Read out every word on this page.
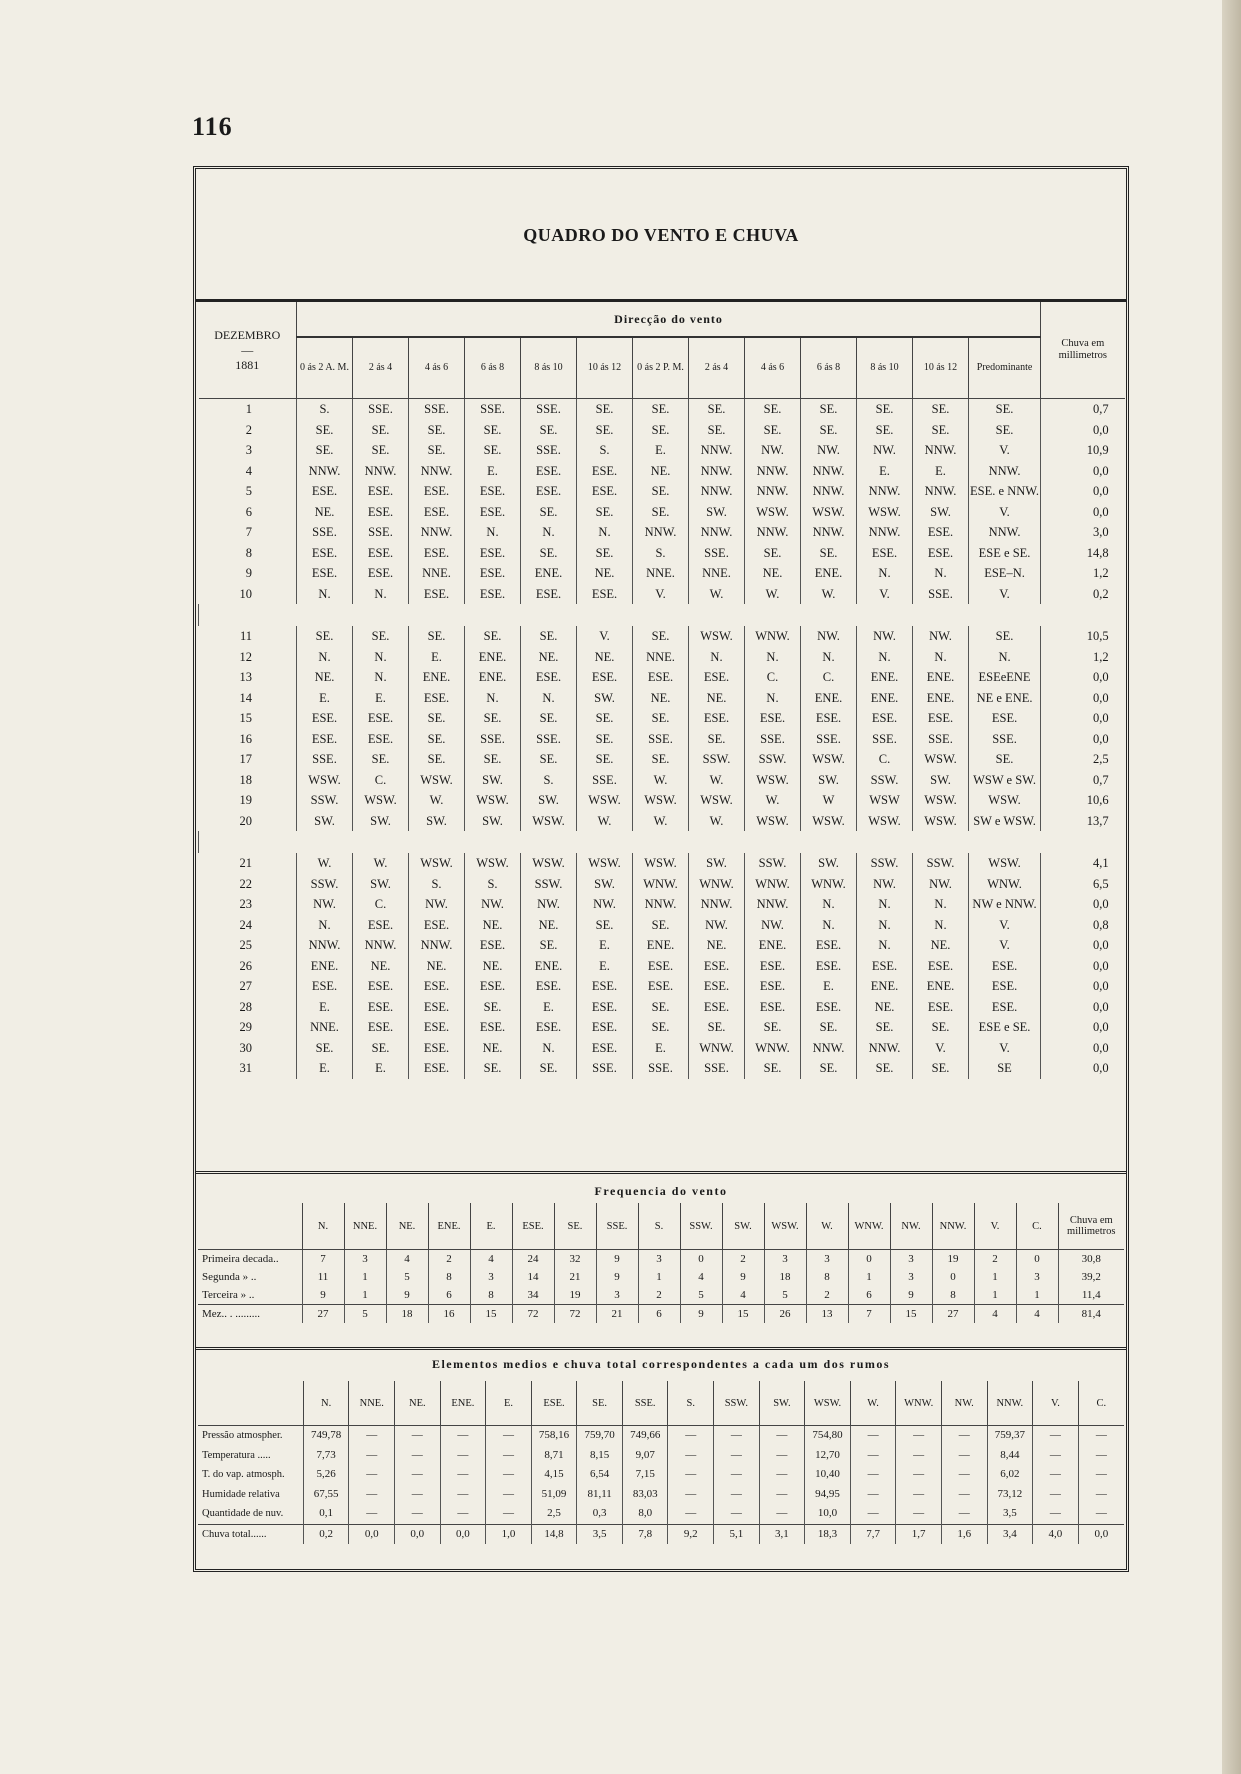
116
QUADRO DO VENTO E CHUVA
DEZEMBRO
—
1881	Direcção do vento													Chuva em millimetros
	0 ás 2 A. M.	2 ás 4	4 ás 6	6 ás 8	8 ás 10	10 ás 12	0 ás 2 P. M.	2 ás 4	4 ás 6	6 ás 8	8 ás 10	10 ás 12	Predominante	
1	S.	SSE.	SSE.	SSE.	SSE.	SE.	SE.	SE.	SE.	SE.	SE.	SE.	SE.	0,7
2	SE.	SE.	SE.	SE.	SE.	SE.	SE.	SE.	SE.	SE.	SE.	SE.	SE.	0,0
3	SE.	SE.	SE.	SE.	SSE.	S.	E.	NNW.	NW.	NW.	NW.	NNW.	V.	10,9
4	NNW.	NNW.	NNW.	E.	ESE.	ESE.	NE.	NNW.	NNW.	NNW.	E.	E.	NNW.	0,0
5	ESE.	ESE.	ESE.	ESE.	ESE.	ESE.	SE.	NNW.	NNW.	NNW.	NNW.	NNW.	ESE. e NNW.	0,0
6	NE.	ESE.	ESE.	ESE.	SE.	SE.	SE.	SW.	WSW.	WSW.	WSW.	SW.	V.	0,0
7	SSE.	SSE.	NNW.	N.	N.	N.	NNW.	NNW.	NNW.	NNW.	NNW.	ESE.	NNW.	3,0
8	ESE.	ESE.	ESE.	ESE.	SE.	SE.	S.	SSE.	SE.	SE.	ESE.	ESE.	ESE e SE.	14,8
9	ESE.	ESE.	NNE.	ESE.	ENE.	NE.	NNE.	NNE.	NE.	ENE.	N.	N.	ESE–N.	1,2
10	N.	N.	ESE.	ESE.	ESE.	ESE.	V.	W.	W.	W.	V.	SSE.	V.	0,2

11	SE.	SE.	SE.	SE.	SE.	V.	SE.	WSW.	WNW.	NW.	NW.	NW.	SE.	10,5
12	N.	N.	E.	ENE.	NE.	NE.	NNE.	N.	N.	N.	N.	N.	N.	1,2
13	NE.	N.	ENE.	ENE.	ESE.	ESE.	ESE.	ESE.	C.	C.	ENE.	ENE.	ESEeENE	0,0
14	E.	E.	ESE.	N.	N.	SW.	NE.	NE.	N.	ENE.	ENE.	ENE.	NE e ENE.	0,0
15	ESE.	ESE.	SE.	SE.	SE.	SE.	SE.	ESE.	ESE.	ESE.	ESE.	ESE.	ESE.	0,0
16	ESE.	ESE.	SE.	SSE.	SSE.	SE.	SSE.	SE.	SSE.	SSE.	SSE.	SSE.	SSE.	0,0
17	SSE.	SE.	SE.	SE.	SE.	SE.	SE.	SSW.	SSW.	WSW.	C.	WSW.	SE.	2,5
18	WSW.	C.	WSW.	SW.	S.	SSE.	W.	W.	WSW.	SW.	SSW.	SW.	WSW e SW.	0,7
19	SSW.	WSW.	W.	WSW.	SW.	WSW.	WSW.	WSW.	W.	W	WSW	WSW.	WSW.	10,6
20	SW.	SW.	SW.	SW.	WSW.	W.	W.	W.	WSW.	WSW.	WSW.	WSW.	SW e WSW.	13,7

21	W.	W.	WSW.	WSW.	WSW.	WSW.	WSW.	SW.	SSW.	SW.	SSW.	SSW.	WSW.	4,1
22	SSW.	SW.	S.	S.	SSW.	SW.	WNW.	WNW.	WNW.	WNW.	NW.	NW.	WNW.	6,5
23	NW.	C.	NW.	NW.	NW.	NW.	NNW.	NNW.	NNW.	N.	N.	N.	NW e NNW.	0,0
24	N.	ESE.	ESE.	NE.	NE.	SE.	SE.	NW.	NW.	N.	N.	N.	V.	0,8
25	NNW.	NNW.	NNW.	ESE.	SE.	E.	ENE.	NE.	ENE.	ESE.	N.	NE.	V.	0,0
26	ENE.	NE.	NE.	NE.	ENE.	E.	ESE.	ESE.	ESE.	ESE.	ESE.	ESE.	ESE.	0,0
27	ESE.	ESE.	ESE.	ESE.	ESE.	ESE.	ESE.	ESE.	ESE.	E.	ENE.	ENE.	ESE.	0,0
28	E.	ESE.	ESE.	SE.	E.	ESE.	SE.	ESE.	ESE.	ESE.	NE.	ESE.	ESE.	0,0
29	NNE.	ESE.	ESE.	ESE.	ESE.	ESE.	SE.	SE.	SE.	SE.	SE.	SE.	ESE e SE.	0,0
30	SE.	SE.	ESE.	NE.	N.	ESE.	E.	WNW.	WNW.	NNW.	NNW.	V.	V.	0,0
31	E.	E.	ESE.	SE.	SE.	SSE.	SSE.	SSE.	SE.	SE.	SE.	SE.	SE	0,0
Frequencia do vento
	N.	NNE.	NE.	ENE.	E.	ESE.	SE.	SSE.	S.	SSW.	SW.	WSW.	W.	WNW.	NW.	NNW.	V.	C.	Chuva em millimetros
Primeira decada..	7	3	4	2	4	24	32	9	3	0	2	3	3	0	3	19	2	0	30,8
Segunda » ..	11	1	5	8	3	14	21	9	1	4	9	18	8	1	3	0	1	3	39,2
Terceira » ..	9	1	9	6	8	34	19	3	2	5	4	5	2	6	9	8	1	1	11,4
Mez.. . .........	27	5	18	16	15	72	72	21	6	9	15	26	13	7	15	27	4	4	81,4
Elementos medios e chuva total correspondentes a cada um dos rumos
	N.	NNE.	NE.	ENE.	E.	ESE.	SE.	SSE.	S.	SSW.	SW.	WSW.	W.	WNW.	NW.	NNW.	V.	C.
Pressão atmospher.	749,78	—	—	—	—	758,16	759,70	749,66	—	—	—	754,80	—	—	—	759,37	—	—
Temperatura .....	7,73	—	—	—	—	8,71	8,15	9,07	—	—	—	12,70	—	—	—	8,44	—	—
T. do vap. atmosph.	5,26	—	—	—	—	4,15	6,54	7,15	—	—	—	10,40	—	—	—	6,02	—	—
Humidade relativa	67,55	—	—	—	—	51,09	81,11	83,03	—	—	—	94,95	—	—	—	73,12	—	—
Quantidade de nuv.	0,1	—	—	—	—	2,5	0,3	8,0	—	—	—	10,0	—	—	—	3,5	—	—
Chuva total......	0,2	0,0	0,0	0,0	1,0	14,8	3,5	7,8	9,2	5,1	3,1	18,3	7,7	1,7	1,6	3,4	4,0	0,0
